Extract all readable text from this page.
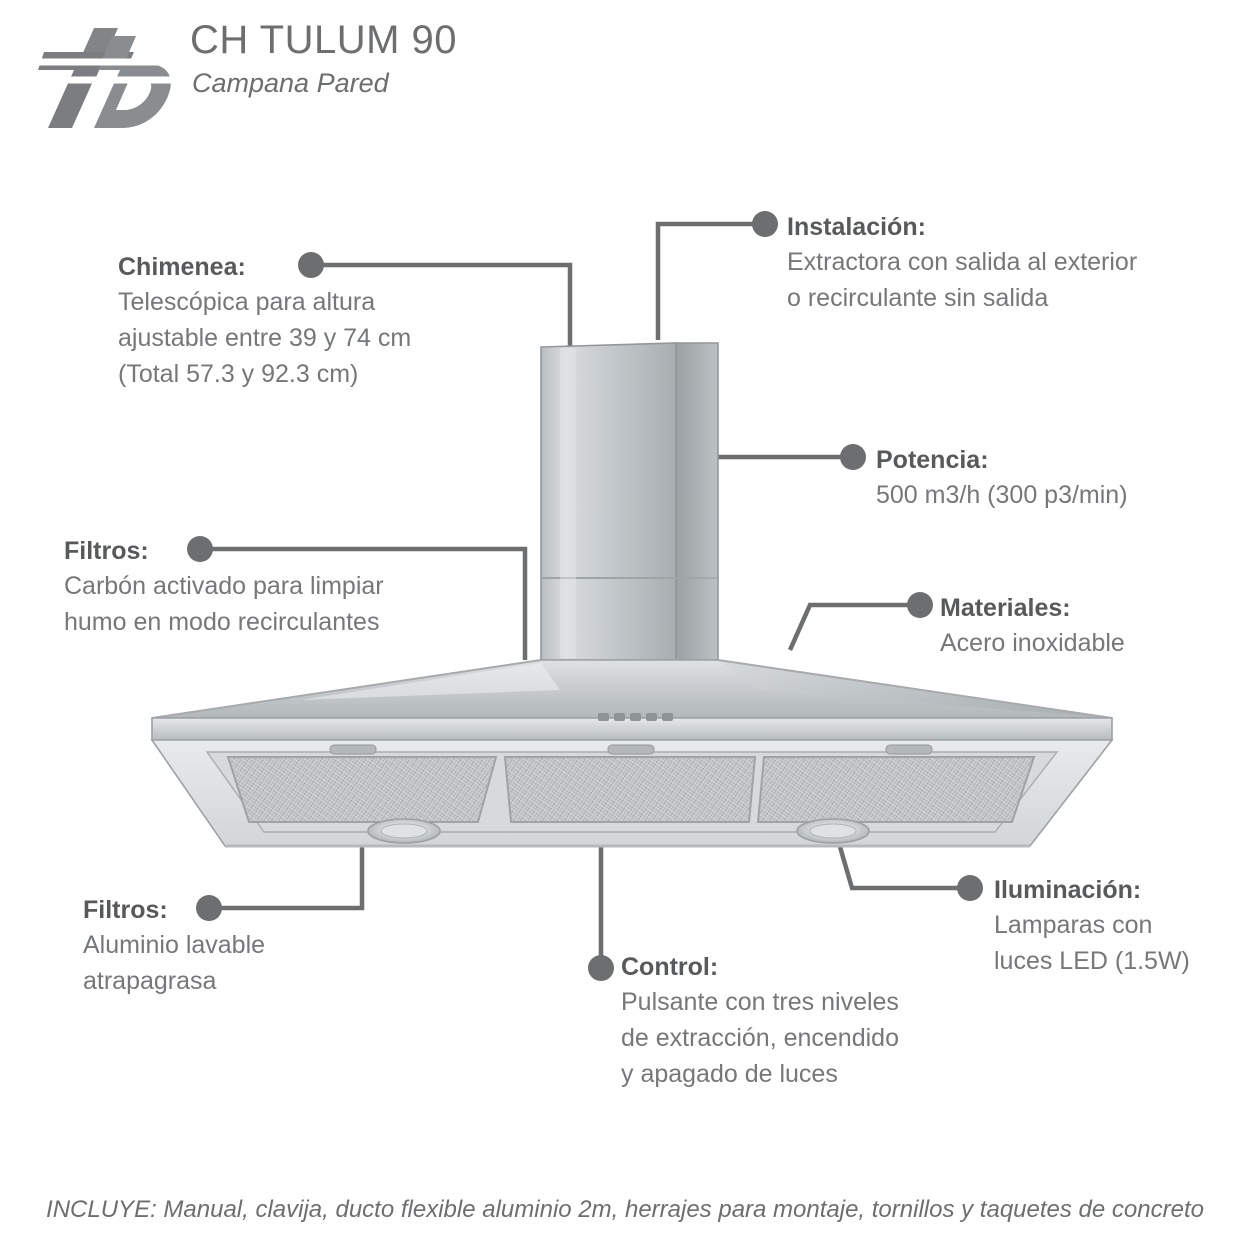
CH TULUM 90
Campana Pared
Chimenea:
Telescópica para altura
ajustable entre 39 y 74 cm
(Total 57.3 y 92.3 cm)
Instalación:
Extractora con salida al exterior
o recirculante sin salida
Potencia:
500 m3/h (300 p3/min)
Filtros:
Carbón activado para limpiar
humo en modo recirculantes	Materiales:
Acero inoxidable
Filtros:
Aluminio lavable
atrapagrasa
Iluminación:
Lamparas con
luces LED (1.5W)
Control:
Pulsante con tres niveles
de extracción, encendido
y apagado de luces
INCLUYE: Manual, clavija, ducto flexible aluminio 2m, herrajes para montaje, tornillos y taquetes de concreto
